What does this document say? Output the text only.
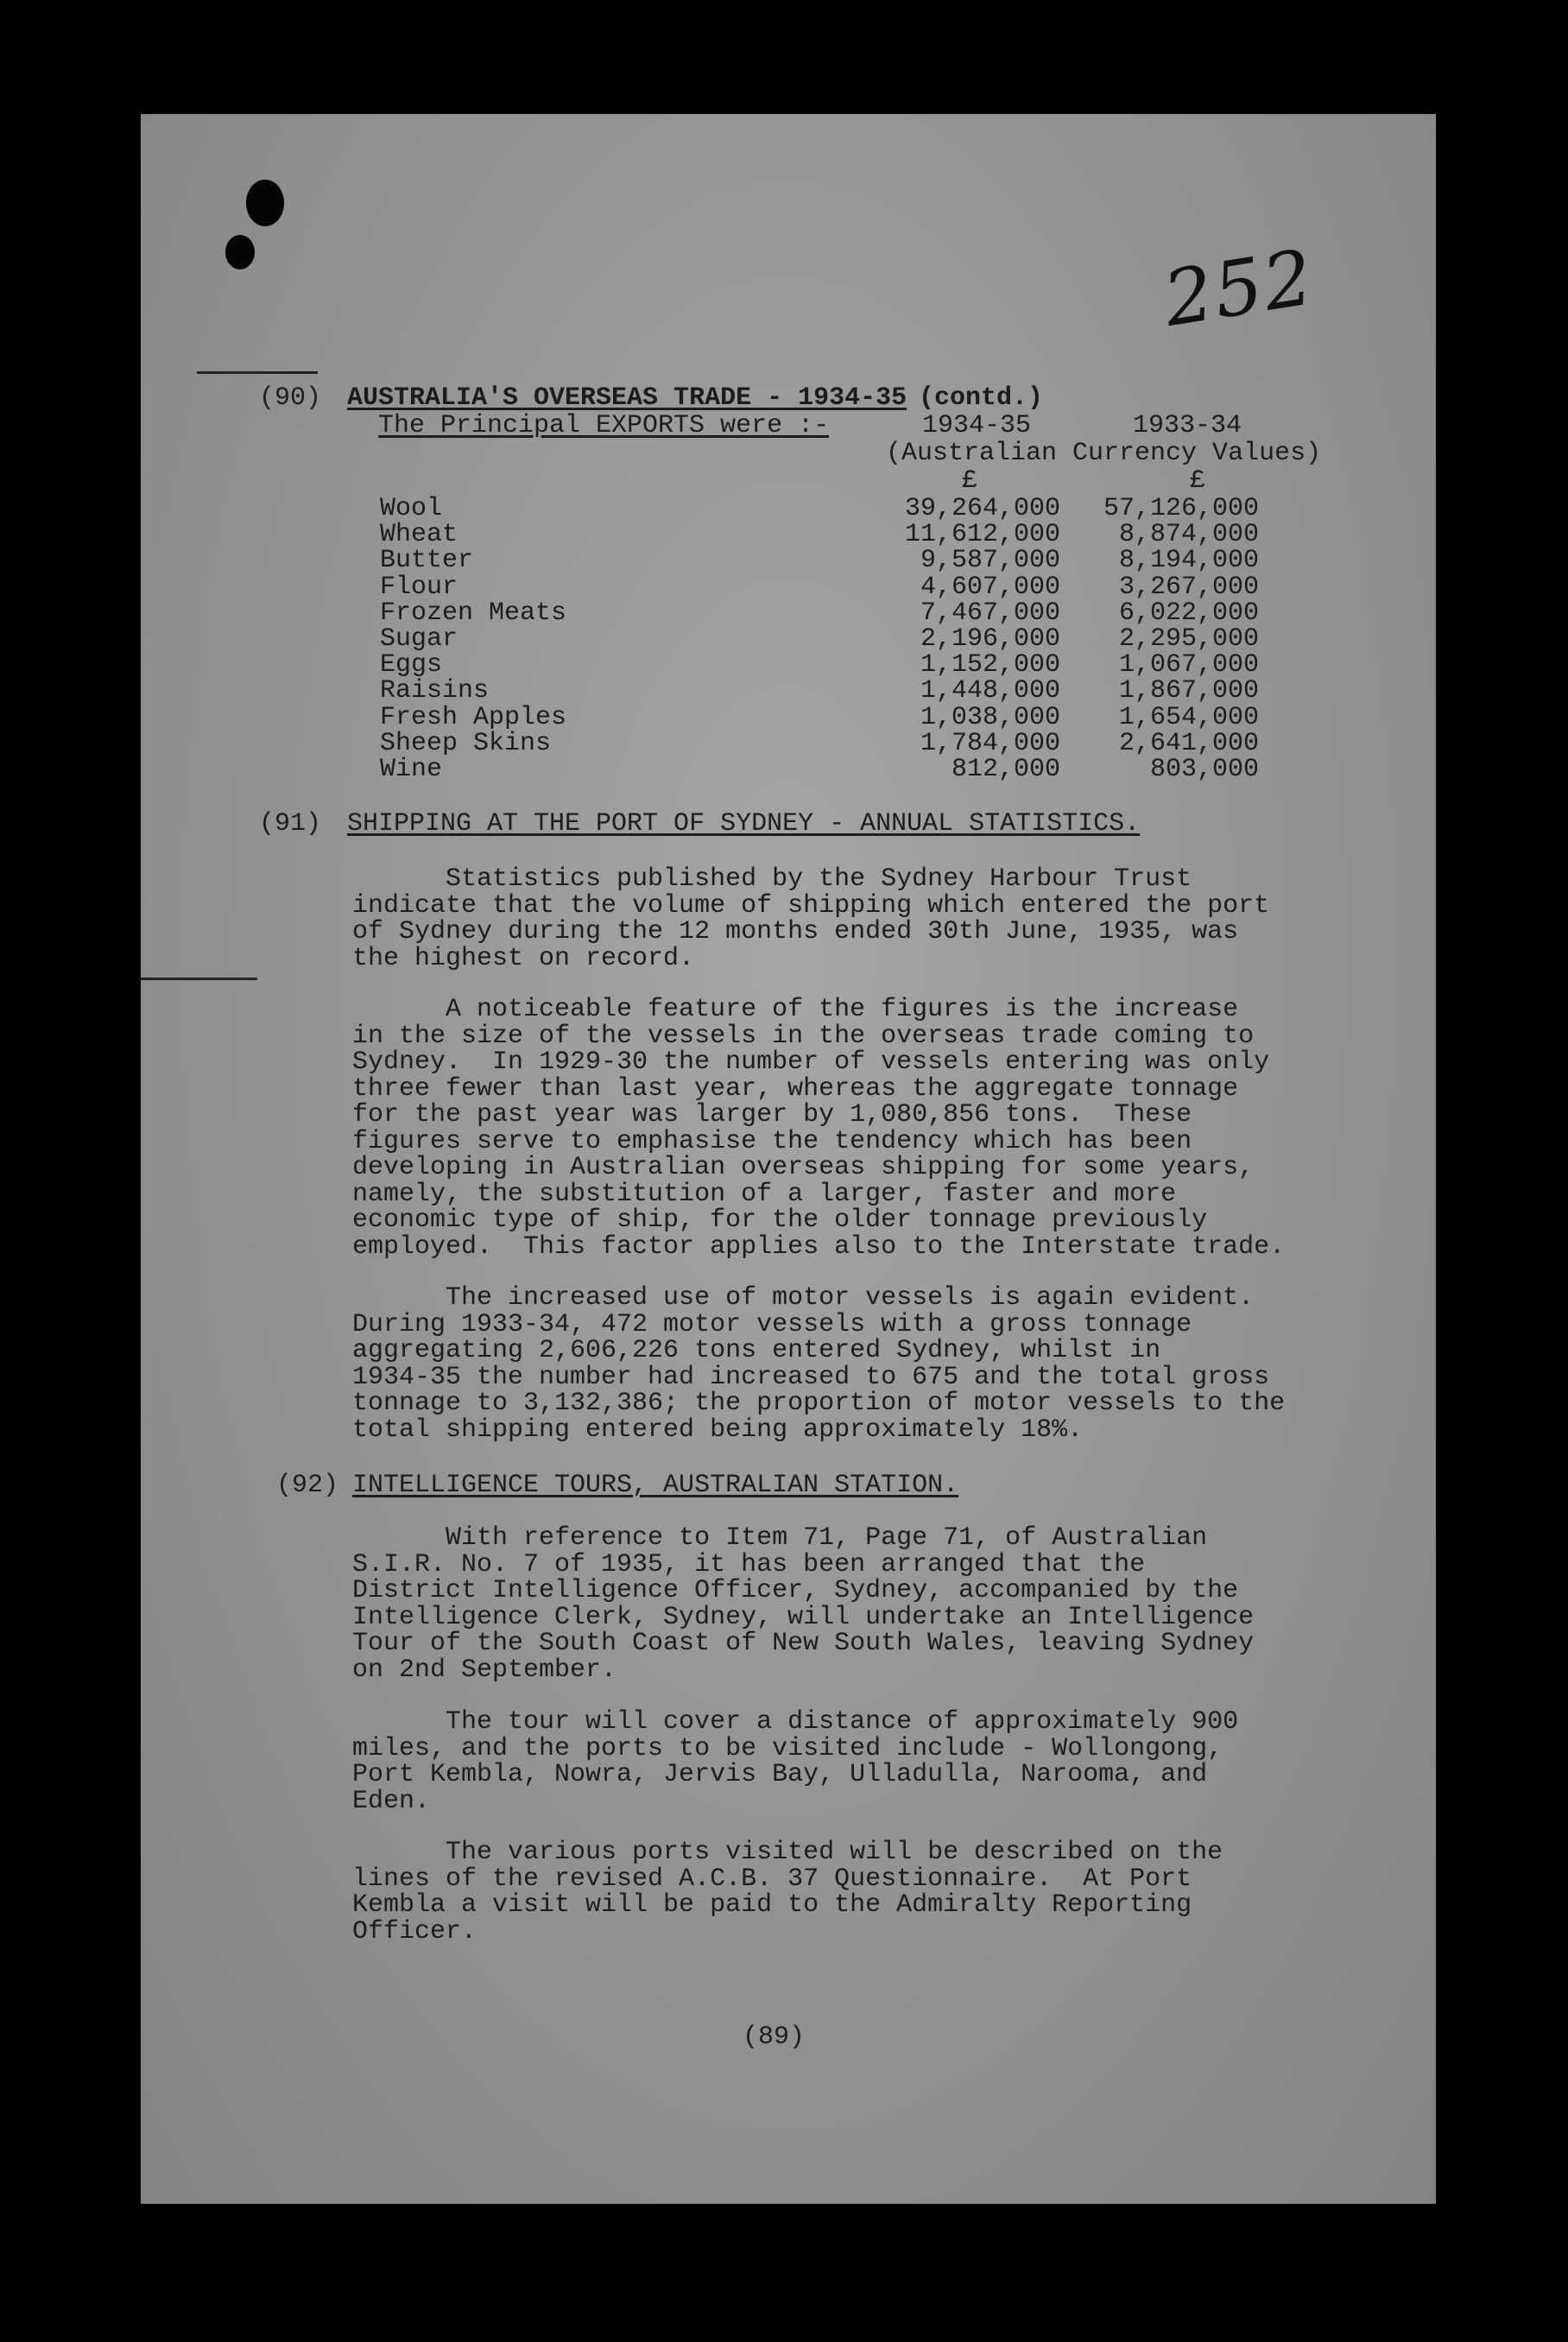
252
(90) AUSTRALIA'S OVERSEAS TRADE - 1934-35 (contd.)
The Principal EXPORTS were :-	1934-35	1933-34
(Australian Currency Values)
£	£
Wool	39,264,000	57,126,000
Wheat	11,612,000	8,874,000
Butter	9,587,000	8,194,000
Flour	4,607,000	3,267,000
Frozen Meats	7,467,000	6,022,000
Sugar	2,196,000	2,295,000
Eggs	1,152,000	1,067,000
Raisins	1,448,000	1,867,000
Fresh Apples	1,038,000	1,654,000
Sheep Skins	1,784,000	2,641,000
Wine	812,000	803,000
(91) SHIPPING AT THE PORT OF SYDNEY - ANNUAL STATISTICS.
Statistics published by the Sydney Harbour Trust
indicate that the volume of shipping which entered the port
of Sydney during the 12 months ended 30th June, 1935, was
the highest on record.
A noticeable feature of the figures is the increase
in the size of the vessels in the overseas trade coming to
Sydney.  In 1929-30 the number of vessels entering was only
three fewer than last year, whereas the aggregate tonnage
for the past year was larger by 1,080,856 tons.  These
figures serve to emphasise the tendency which has been
developing in Australian overseas shipping for some years,
namely, the substitution of a larger, faster and more
economic type of ship, for the older tonnage previously
employed.  This factor applies also to the Interstate trade.
The increased use of motor vessels is again evident.
During 1933-34, 472 motor vessels with a gross tonnage
aggregating 2,606,226 tons entered Sydney, whilst in
1934-35 the number had increased to 675 and the total gross
tonnage to 3,132,386; the proportion of motor vessels to the
total shipping entered being approximately 18%.
(92) INTELLIGENCE TOURS, AUSTRALIAN STATION.
With reference to Item 71, Page 71, of Australian
S.I.R. No. 7 of 1935, it has been arranged that the
District Intelligence Officer, Sydney, accompanied by the
Intelligence Clerk, Sydney, will undertake an Intelligence
Tour of the South Coast of New South Wales, leaving Sydney
on 2nd September.
The tour will cover a distance of approximately 900
miles, and the ports to be visited include - Wollongong,
Port Kembla, Nowra, Jervis Bay, Ulladulla, Narooma, and
Eden.
The various ports visited will be described on the
lines of the revised A.C.B. 37 Questionnaire.  At Port
Kembla a visit will be paid to the Admiralty Reporting
Officer.
(89)
